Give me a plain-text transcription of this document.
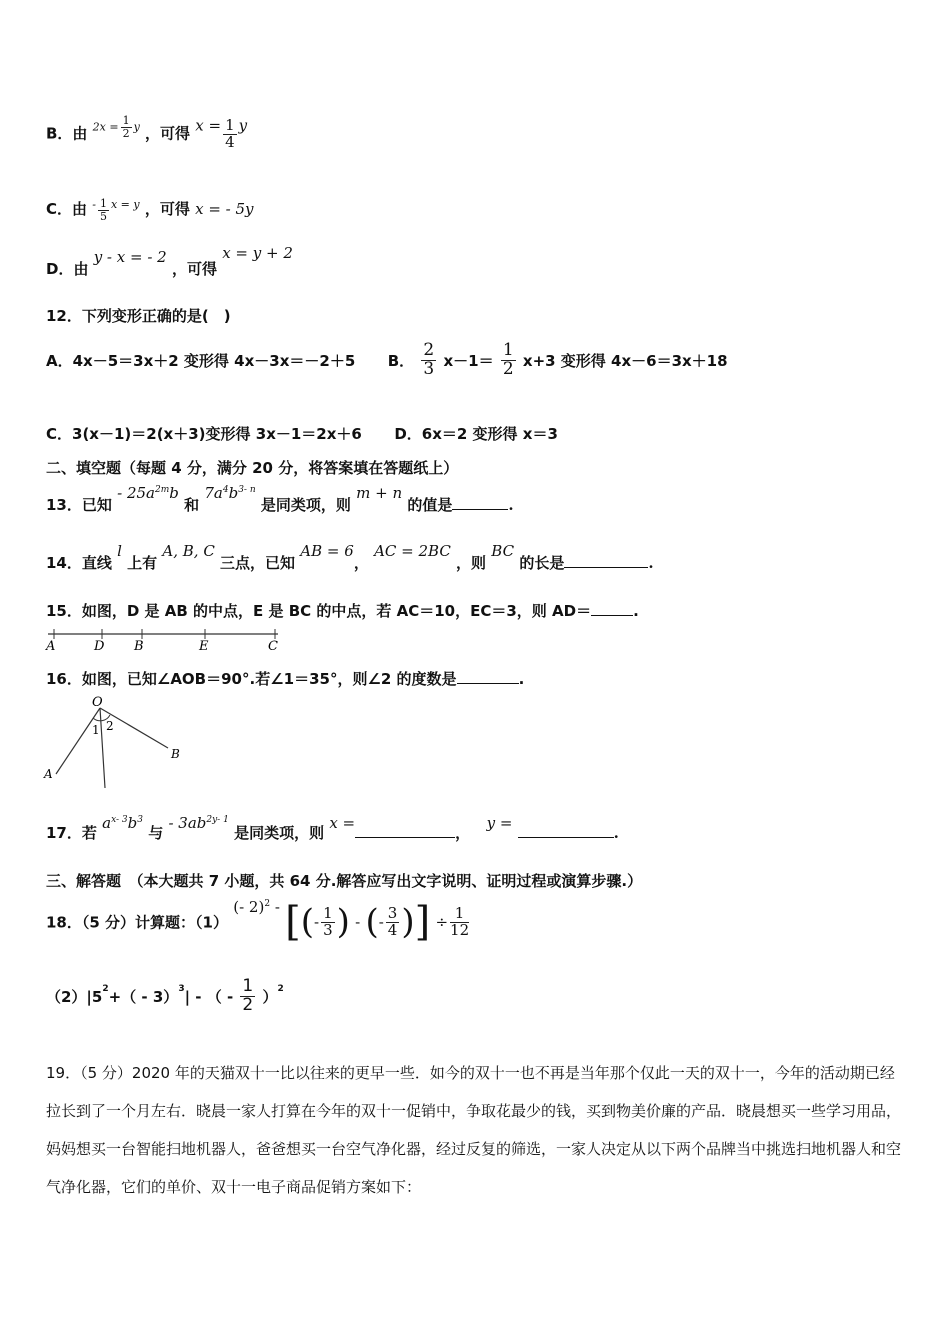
B．由 $^{2x =} \frac{1}{2} ^y$ ，可得 $x = \frac{1}{4}$ y
C．由 $^- \frac{1}{5} ^{x = y}$ ，可得 x = - 5y
D．由 y - x = - 2 ，可得 x = y + 2
12．下列变形正确的是(　)
A．4x－5＝3x＋2 变形得 4x－3x＝－2＋5 B． $\frac{2}{3} x-1= \frac{1}{2} x+3$ 变形得 4x－6＝3x＋18
C．3(x－1)＝2(x＋3)变形得 3x－1＝2x＋6 D．6x＝2 变形得 x＝3
二、填空题（每题 4 分，满分 20 分，将答案填在答题纸上）
13．已知 - $25a^{2m}b$ 和 $7a^4b^{3- n}$ 是同类项，则 m + n 的值是	.
14．直线 l 上有 A, B, C 三点，已知 AB = 6， AC = 2BC ，则 BC 的长是	.
15．如图，D 是 AB 的中点，E 是 BC 的中点，若 AC＝10，EC＝3，则 AD＝	.
A	D B	E	C
16．如图，已知∠AOB＝90°.若∠1＝35°，则∠2 的度数是	.
O
1 2
A
B
17．若 $a^{x- 3}b^3$ 与 - $3ab^{2y- 1}$ 是同类项，则 x =，  y = .
三、解答题　（本大题共 7 小题，共 64 分.解答应写出文字说明、证明过程或演算步骤.）
18．（5 分）计算题：（1） (- 2)$^2$ - [(- $\frac{1}{3}$ ) - (- $\frac{3}{4}$ )] ÷ $\frac{1}{12}$
$(2)|5^2+( - 3)^3|$ - （ - $\frac{1}{2} )^2$
19．（5 分）2020 年的天猫双十一比以往来的更早一些．如今的双十一也不再是当年那个仅此一天的双十一，今年的活动期已经拉长到了一个月左右．晓晨一家人打算在今年的双十一促销中，争取花最少的钱，买到物美价廉的产品．晓晨想买一些学习用品，妈妈想买一台智能扫地机器人，爸爸想买一台空气净化器，经过反复的筛选，一家人决定从以下两个品牌当中挑选扫地机器人和空气净化器，它们的单价、双十一电子商品促销方案如下：
